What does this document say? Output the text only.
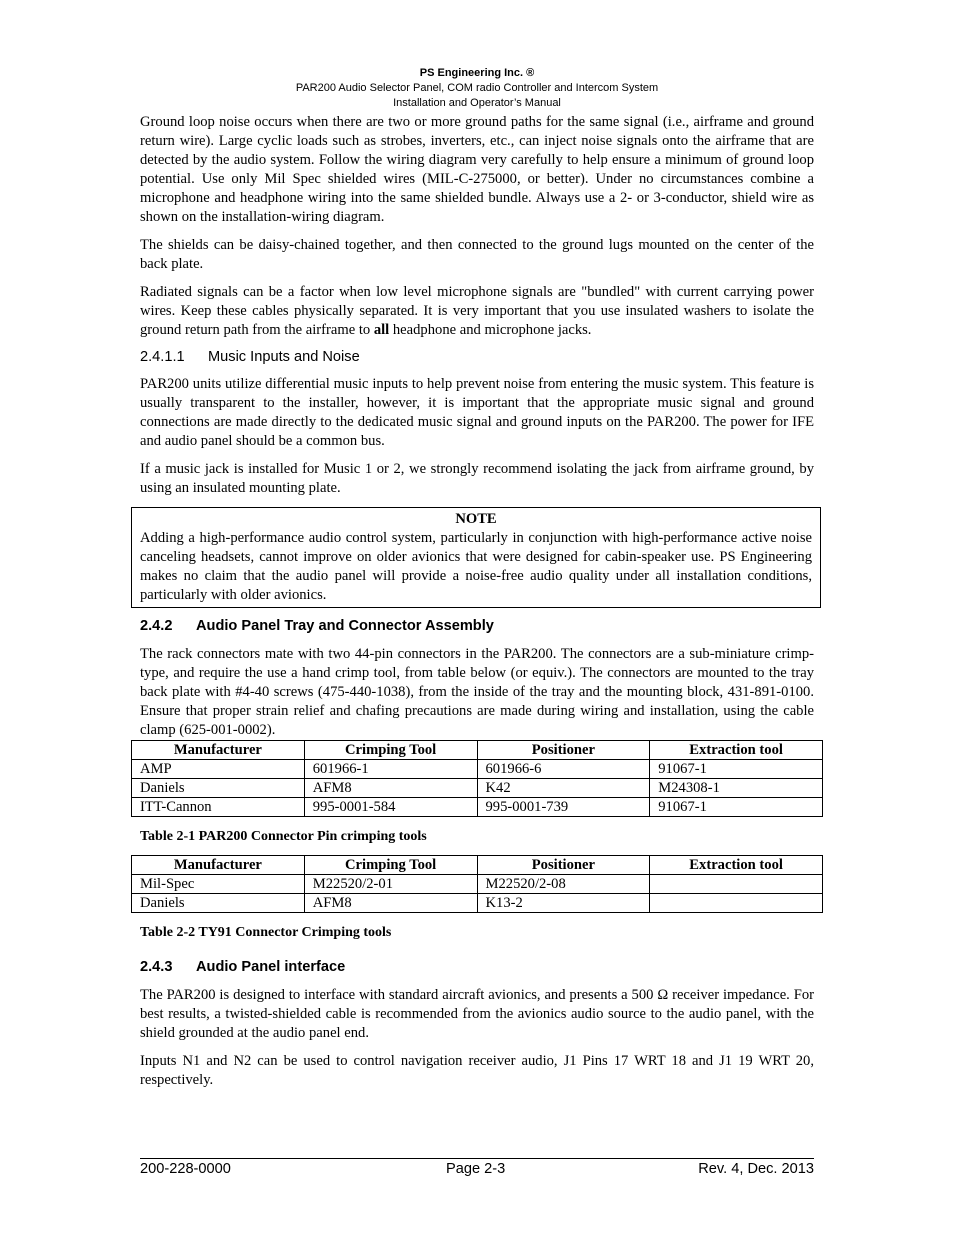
PS Engineering Inc. ®
PAR200 Audio Selector Panel, COM radio Controller and Intercom System
Installation and Operator’s Manual

Ground loop noise occurs when there are two or more ground paths for the same signal (i.e., airframe and ground return wire). Large cyclic loads such as strobes, inverters, etc., can inject noise signals onto the airframe that are detected by the audio system. Follow the wiring diagram very carefully to help ensure a minimum of ground loop potential. Use only Mil Spec shielded wires (MIL-C-275000, or better). Under no circumstances combine a microphone and headphone wiring into the same shielded bundle. Always use a 2- or 3-conductor, shield wire as shown on the installation-wiring diagram.

The shields can be daisy-chained together, and then connected to the ground lugs mounted on the center of the back plate.

Radiated signals can be a factor when low level microphone signals are "bundled" with current carrying power wires. Keep these cables physically separated. It is very important that you use insulated washers to isolate the ground return path from the airframe to all headphone and microphone jacks.

2.4.1.1 Music Inputs and Noise

PAR200 units utilize differential music inputs to help prevent noise from entering the music system. This feature is usually transparent to the installer, however, it is important that the appropriate music signal and ground connections are made directly to the dedicated music signal and ground inputs on the PAR200. The power for IFE and audio panel should be a common bus.

If a music jack is installed for Music 1 or 2, we strongly recommend isolating the jack from airframe ground, by using an insulated mounting plate.

NOTE

Adding a high-performance audio control system, particularly in conjunction with high-performance active noise canceling headsets, cannot improve on older avionics that were designed for cabin-speaker use. PS Engineering makes no claim that the audio panel will provide a noise-free audio quality under all installation conditions, particularly with older avionics.

2.4.2 Audio Panel Tray and Connector Assembly

The rack connectors mate with two 44-pin connectors in the PAR200. The connectors are a sub-miniature crimp-type, and require the use a hand crimp tool, from table below (or equiv.). The connectors are mounted to the tray back plate with #4-40 screws (475-440-1038), from the inside of the tray and the mounting block, 431-891-0100. Ensure that proper strain relief and chafing precautions are made during wiring and installation, using the cable clamp (625-001-0002).

Manufacturer	Crimping Tool	Positioner	Extraction tool
AMP	601966-1	601966-6	91067-1
Daniels	AFM8	K42	M24308-1
ITT-Cannon	995-0001-584	995-0001-739	91067-1
Table 2-1 PAR200 Connector Pin crimping tools
Manufacturer	Crimping Tool	Positioner	Extraction tool
Mil-Spec	M22520/2-01	M22520/2-08	
Daniels	AFM8	K13-2	
Table 2-2 TY91 Connector Crimping tools
2.4.3 Audio Panel interface

The PAR200 is designed to interface with standard aircraft avionics, and presents a 500 Ω receiver impedance. For best results, a twisted-shielded cable is recommended from the avionics audio source to the audio panel, with the shield grounded at the audio panel end.

Inputs N1 and N2 can be used to control navigation receiver audio, J1 Pins 17 WRT 18 and J1 19 WRT 20, respectively.

200-228-0000	Page 2-3	Rev. 4, Dec. 2013
